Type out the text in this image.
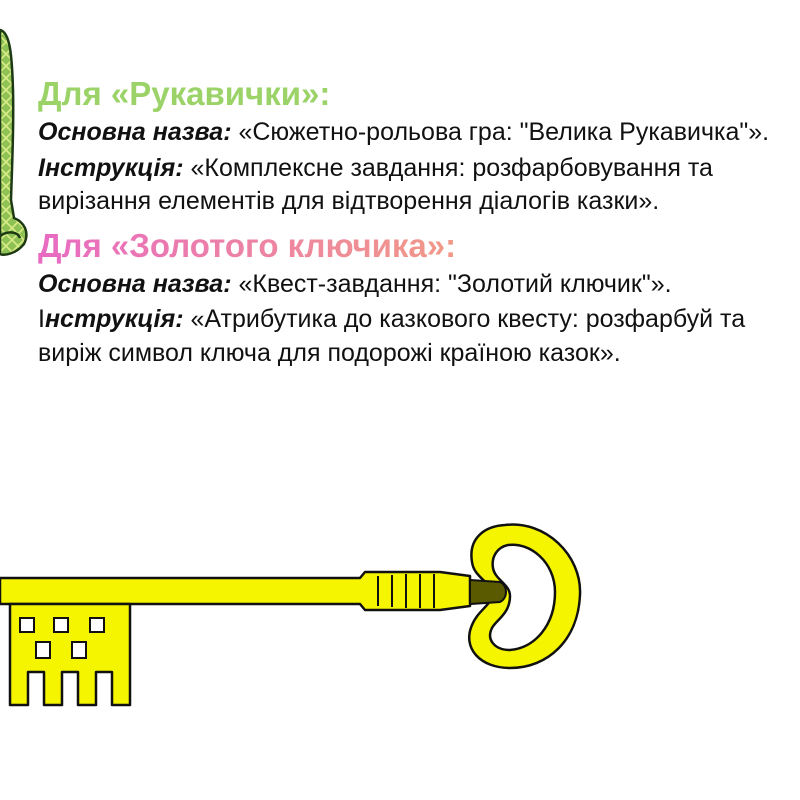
Для «Рукавички»:

Основна назва: «Сюжетно-рольова гра: "Велика Рукавичка"».

Інструкція: «Комплексне завдання: розфарбовування та вирізання елементів для відтворення діалогів казки».

Для «Золотого ключика»:

Основна назва: «Квест-завдання: "Золотий ключик"».

Інструкція: «Атрибутика до казкового квесту: розфарбуй та виріж символ ключа для подорожі країною казок».
